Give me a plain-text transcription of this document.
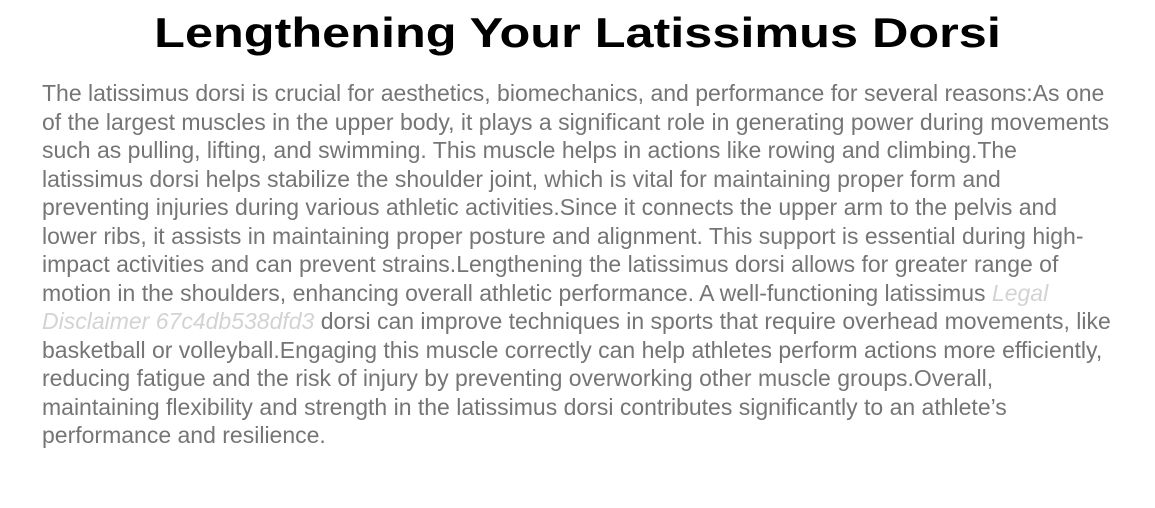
Lengthening Your Latissimus Dorsi

The latissimus dorsi is crucial for aesthetics, biomechanics, and performance for several reasons:As one of the largest muscles in the upper body, it plays a significant role in generating power during movements such as pulling, lifting, and swimming. This muscle helps in actions like rowing and climbing.The latissimus dorsi helps stabilize the shoulder joint, which is vital for maintaining proper form and preventing injuries during various athletic activities.Since it connects the upper arm to the pelvis and lower ribs, it assists in maintaining proper posture and alignment. This support is essential during high-impact activities and can prevent strains.Lengthening the latissimus dorsi allows for greater range of motion in the shoulders, enhancing overall athletic performance. A well-functioning latissimus Legal Disclaimer 67c4db538dfd3 dorsi can improve techniques in sports that require overhead movements, like basketball or volleyball.Engaging this muscle correctly can help athletes perform actions more efficiently, reducing fatigue and the risk of injury by preventing overworking other muscle groups.Overall, maintaining flexibility and strength in the latissimus dorsi contributes significantly to an athlete’s performance and resilience.
